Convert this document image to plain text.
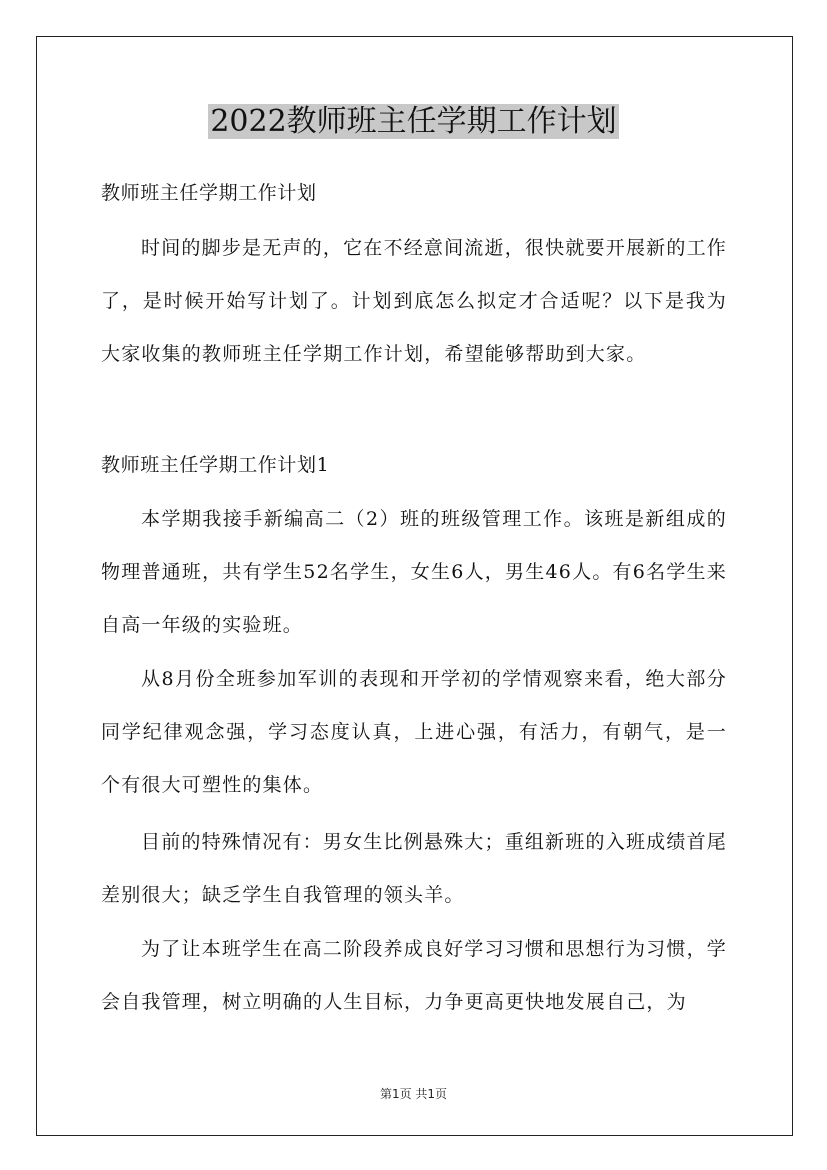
2022教师班主任学期工作计划
教师班主任学期工作计划

时间的脚步是无声的，它在不经意间流逝，很快就要开展新的工作了，是时候开始写计划了。计划到底怎么拟定才合适呢？以下是我为大家收集的教师班主任学期工作计划，希望能够帮助到大家。

教师班主任学期工作计划1

本学期我接手新编高二（2）班的班级管理工作。该班是新组成的物理普通班，共有学生52名学生，女生6人，男生46人。有6名学生来自高一年级的实验班。

从8月份全班参加军训的表现和开学初的学情观察来看，绝大部分同学纪律观念强，学习态度认真，上进心强，有活力，有朝气，是一个有很大可塑性的集体。

目前的特殊情况有：男女生比例悬殊大；重组新班的入班成绩首尾差别很大；缺乏学生自我管理的领头羊。

为了让本班学生在高二阶段养成良好学习习惯和思想行为习惯，学会自我管理，树立明确的人生目标，力争更高更快地发展自己，为

第1页 共1页
